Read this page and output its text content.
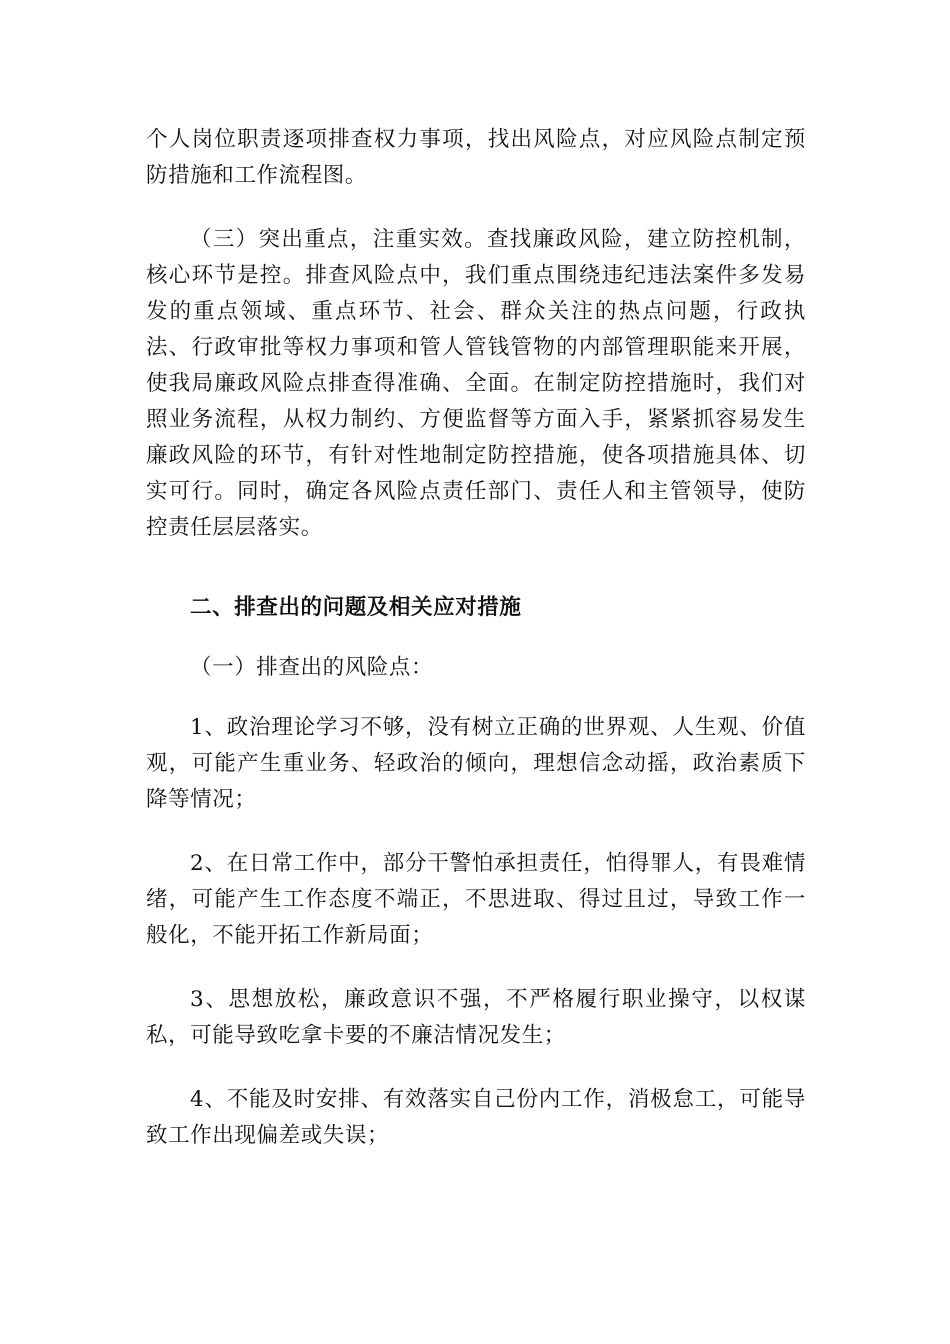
个人岗位职责逐项排查权力事项，找出风险点，对应风险点制定预防措施和工作流程图。

（三）突出重点，注重实效。查找廉政风险，建立防控机制，核心环节是控。排查风险点中，我们重点围绕违纪违法案件多发易发的重点领域、重点环节、社会、群众关注的热点问题，行政执法、行政审批等权力事项和管人管钱管物的内部管理职能来开展，使我局廉政风险点排查得准确、全面。在制定防控措施时，我们对照业务流程，从权力制约、方便监督等方面入手，紧紧抓容易发生廉政风险的环节，有针对性地制定防控措施，使各项措施具体、切实可行。同时，确定各风险点责任部门、责任人和主管领导，使防控责任层层落实。

二、排查出的问题及相关应对措施

（一）排查出的风险点：

1、政治理论学习不够，没有树立正确的世界观、人生观、价值观，可能产生重业务、轻政治的倾向，理想信念动摇，政治素质下降等情况；

2、在日常工作中，部分干警怕承担责任，怕得罪人，有畏难情绪，可能产生工作态度不端正，不思进取、得过且过，导致工作一般化，不能开拓工作新局面；

3、思想放松，廉政意识不强，不严格履行职业操守，以权谋私，可能导致吃拿卡要的不廉洁情况发生；

4、不能及时安排、有效落实自己份内工作，消极怠工，可能导致工作出现偏差或失误；
